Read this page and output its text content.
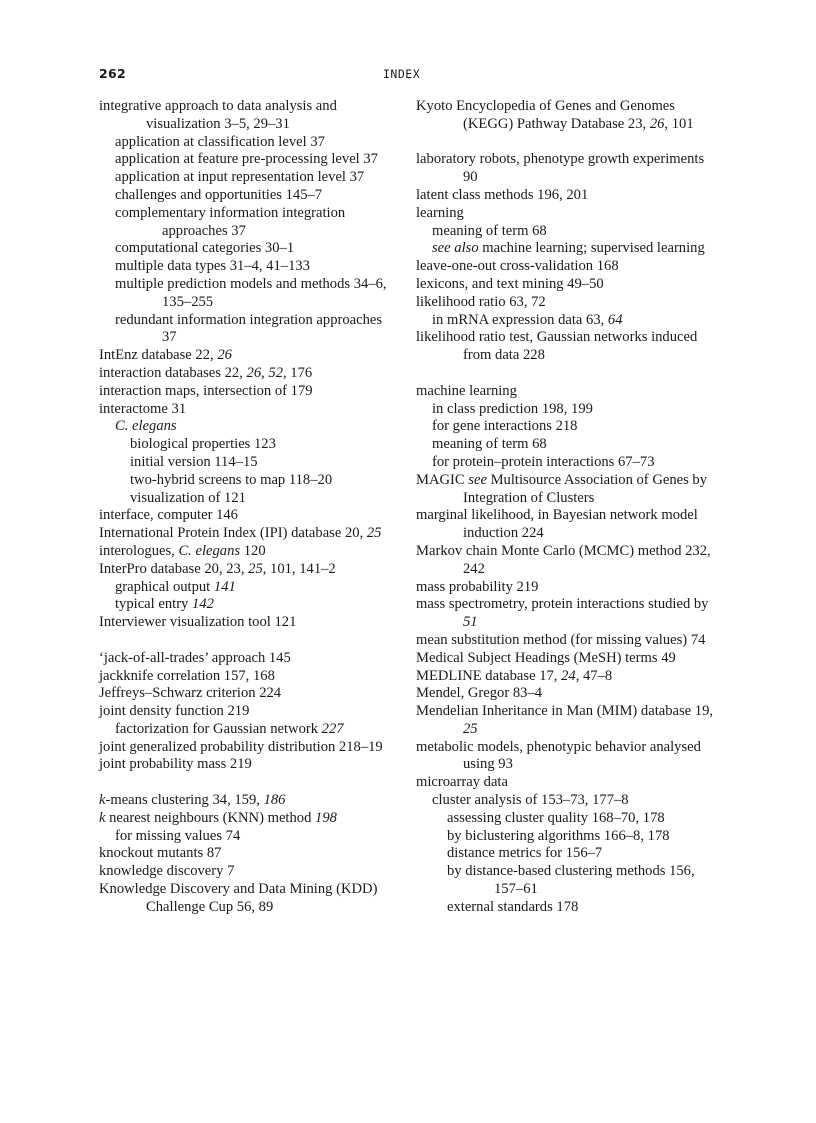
262	INDEX
integrative approach to data analysis and visualization 3–5, 29–31
application at classification level 37
application at feature pre-processing level 37
application at input representation level 37
challenges and opportunities 145–7
complementary information integration approaches 37
computational categories 30–1
multiple data types 31–4, 41–133
multiple prediction models and methods 34–6, 135–255
redundant information integration approaches 37
IntEnz database 22, 26
interaction databases 22, 26, 52, 176
interaction maps, intersection of 179
interactome 31
C. elegans
biological properties 123
initial version 114–15
two-hybrid screens to map 118–20
visualization of 121
interface, computer 146
International Protein Index (IPI) database 20, 25
interologues, C. elegans 120
InterPro database 20, 23, 25, 101, 141–2
graphical output 141
typical entry 142
Interviewer visualization tool 121
‘jack-of-all-trades’ approach 145
jackknife correlation 157, 168
Jeffreys–Schwarz criterion 224
joint density function 219
factorization for Gaussian network 227
joint generalized probability distribution 218–19
joint probability mass 219
k-means clustering 34, 159, 186
k nearest neighbours (KNN) method 198
for missing values 74
knockout mutants 87
knowledge discovery 7
Knowledge Discovery and Data Mining (KDD) Challenge Cup 56, 89
Kyoto Encyclopedia of Genes and Genomes (KEGG) Pathway Database 23, 26, 101
laboratory robots, phenotype growth experiments 90
latent class methods 196, 201
learning
meaning of term 68
see also machine learning; supervised learning
leave-one-out cross-validation 168
lexicons, and text mining 49–50
likelihood ratio 63, 72
in mRNA expression data 63, 64
likelihood ratio test, Gaussian networks induced from data 228
machine learning
in class prediction 198, 199
for gene interactions 218
meaning of term 68
for protein–protein interactions 67–73
MAGIC see Multisource Association of Genes by Integration of Clusters
marginal likelihood, in Bayesian network model induction 224
Markov chain Monte Carlo (MCMC) method 232, 242
mass probability 219
mass spectrometry, protein interactions studied by 51
mean substitution method (for missing values) 74
Medical Subject Headings (MeSH) terms 49
MEDLINE database 17, 24, 47–8
Mendel, Gregor 83–4
Mendelian Inheritance in Man (MIM) database 19, 25
metabolic models, phenotypic behavior analysed using 93
microarray data
cluster analysis of 153–73, 177–8
assessing cluster quality 168–70, 178
by biclustering algorithms 166–8, 178
distance metrics for 156–7
by distance-based clustering methods 156, 157–61
external standards 178
